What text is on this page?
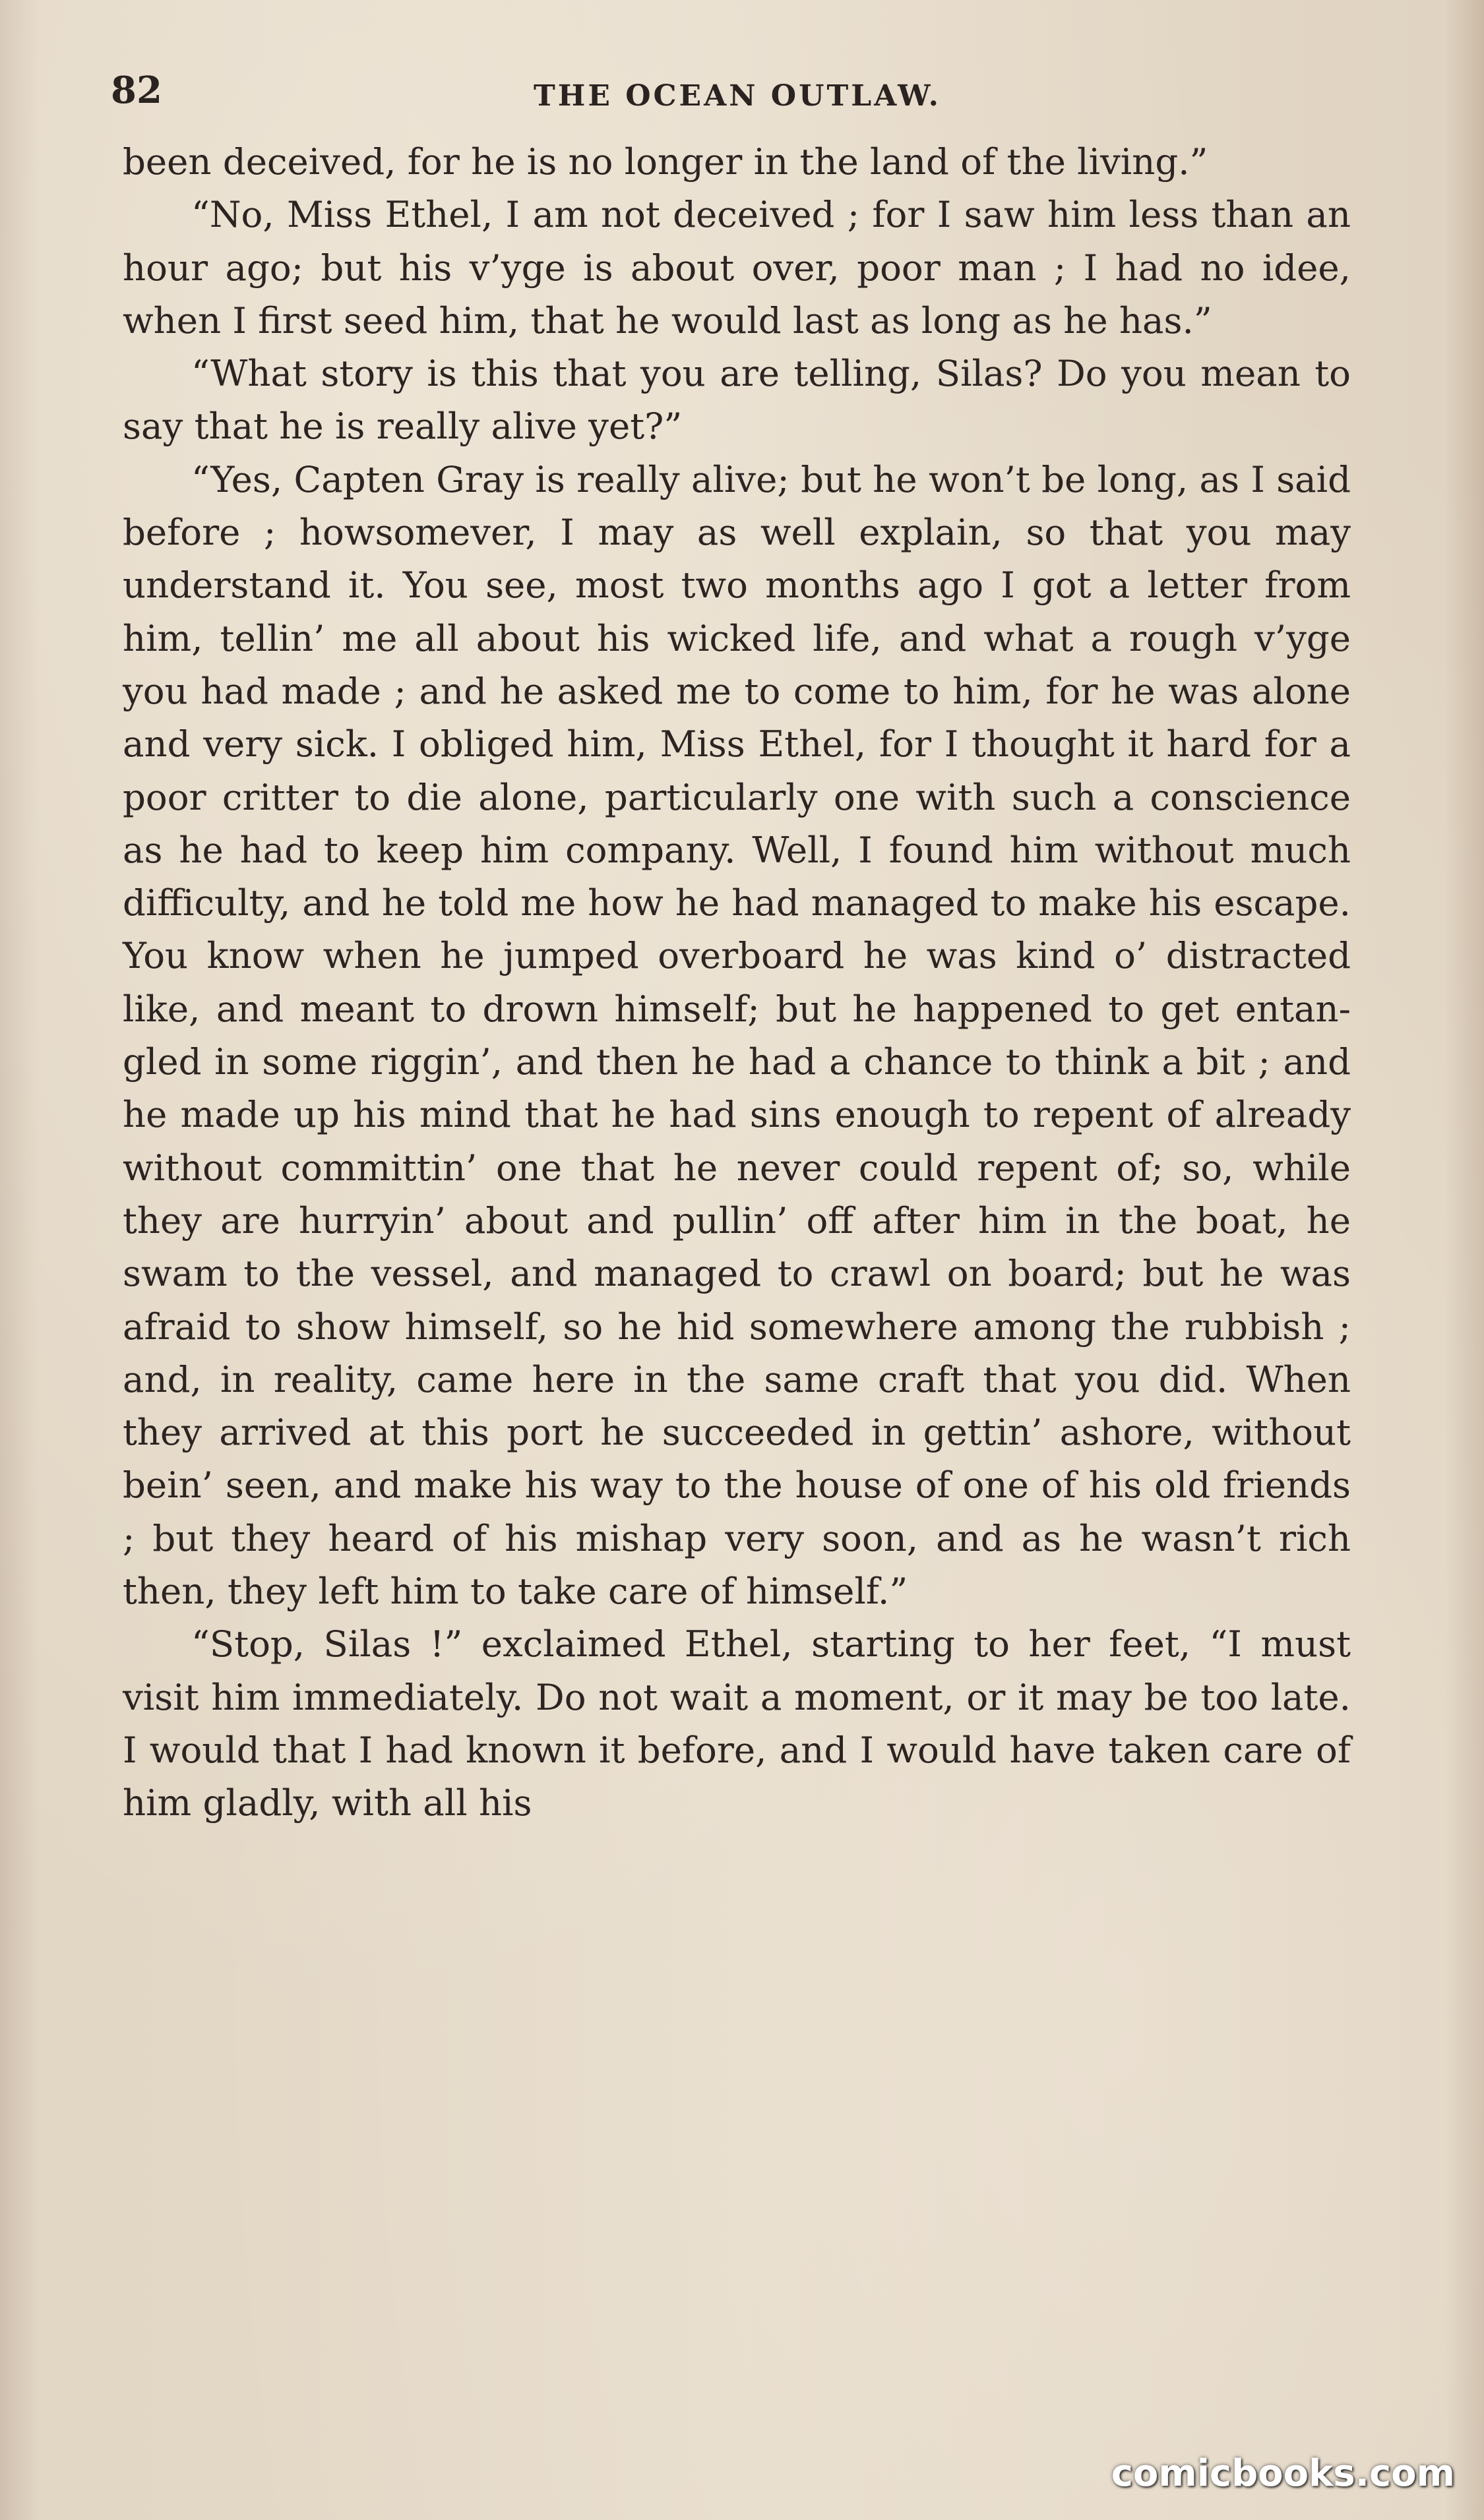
82	THE OCEAN OUTLAW.

been deceived, for he is no longer in the land of the living.”

“No, Miss Ethel, I am not deceived ; for I saw him less than an hour ago; but his v’yge is about over, poor man ; I had no idee, when I first seed him, that he would last as long as he has.”

“What story is this that you are telling, Silas? Do you mean to say that he is really alive yet?”

“Yes, Capten Gray is really alive; but he won’t be long, as I said before ; howsomever, I may as well explain, so that you may understand it. You see, most two months ago I got a letter from him, tellin’ me all about his wicked life, and what a rough v’yge you had made ; and he asked me to come to him, for he was alone and very sick. I obliged him, Miss Ethel, for I thought it hard for a poor critter to die alone, particularly one with such a conscience as he had to keep him company. Well, I found him without much difficulty, and he told me how he had managed to make his escape. You know when he jumped overboard he was kind o’ distracted like, and meant to drown himself; but he happened to get entangled in some riggin’, and then he had a chance to think a bit ; and he made up his mind that he had sins enough to repent of already without committin’ one that he never could repent of; so, while they are hurryin’ about and pullin’ off after him in the boat, he swam to the vessel, and managed to crawl on board; but he was afraid to show himself, so he hid somewhere among the rubbish ; and, in reality, came here in the same craft that you did. When they arrived at this port he succeeded in gettin’ ashore, without bein’ seen, and make his way to the house of one of his old friends ; but they heard of his mishap very soon, and as he wasn’t rich then, they left him to take care of himself.”

“Stop, Silas !” exclaimed Ethel, starting to her feet, “I must visit him immediately. Do not wait a moment, or it may be too late. I would that I had known it before, and I would have taken care of him gladly, with all his

comicbooks.com
